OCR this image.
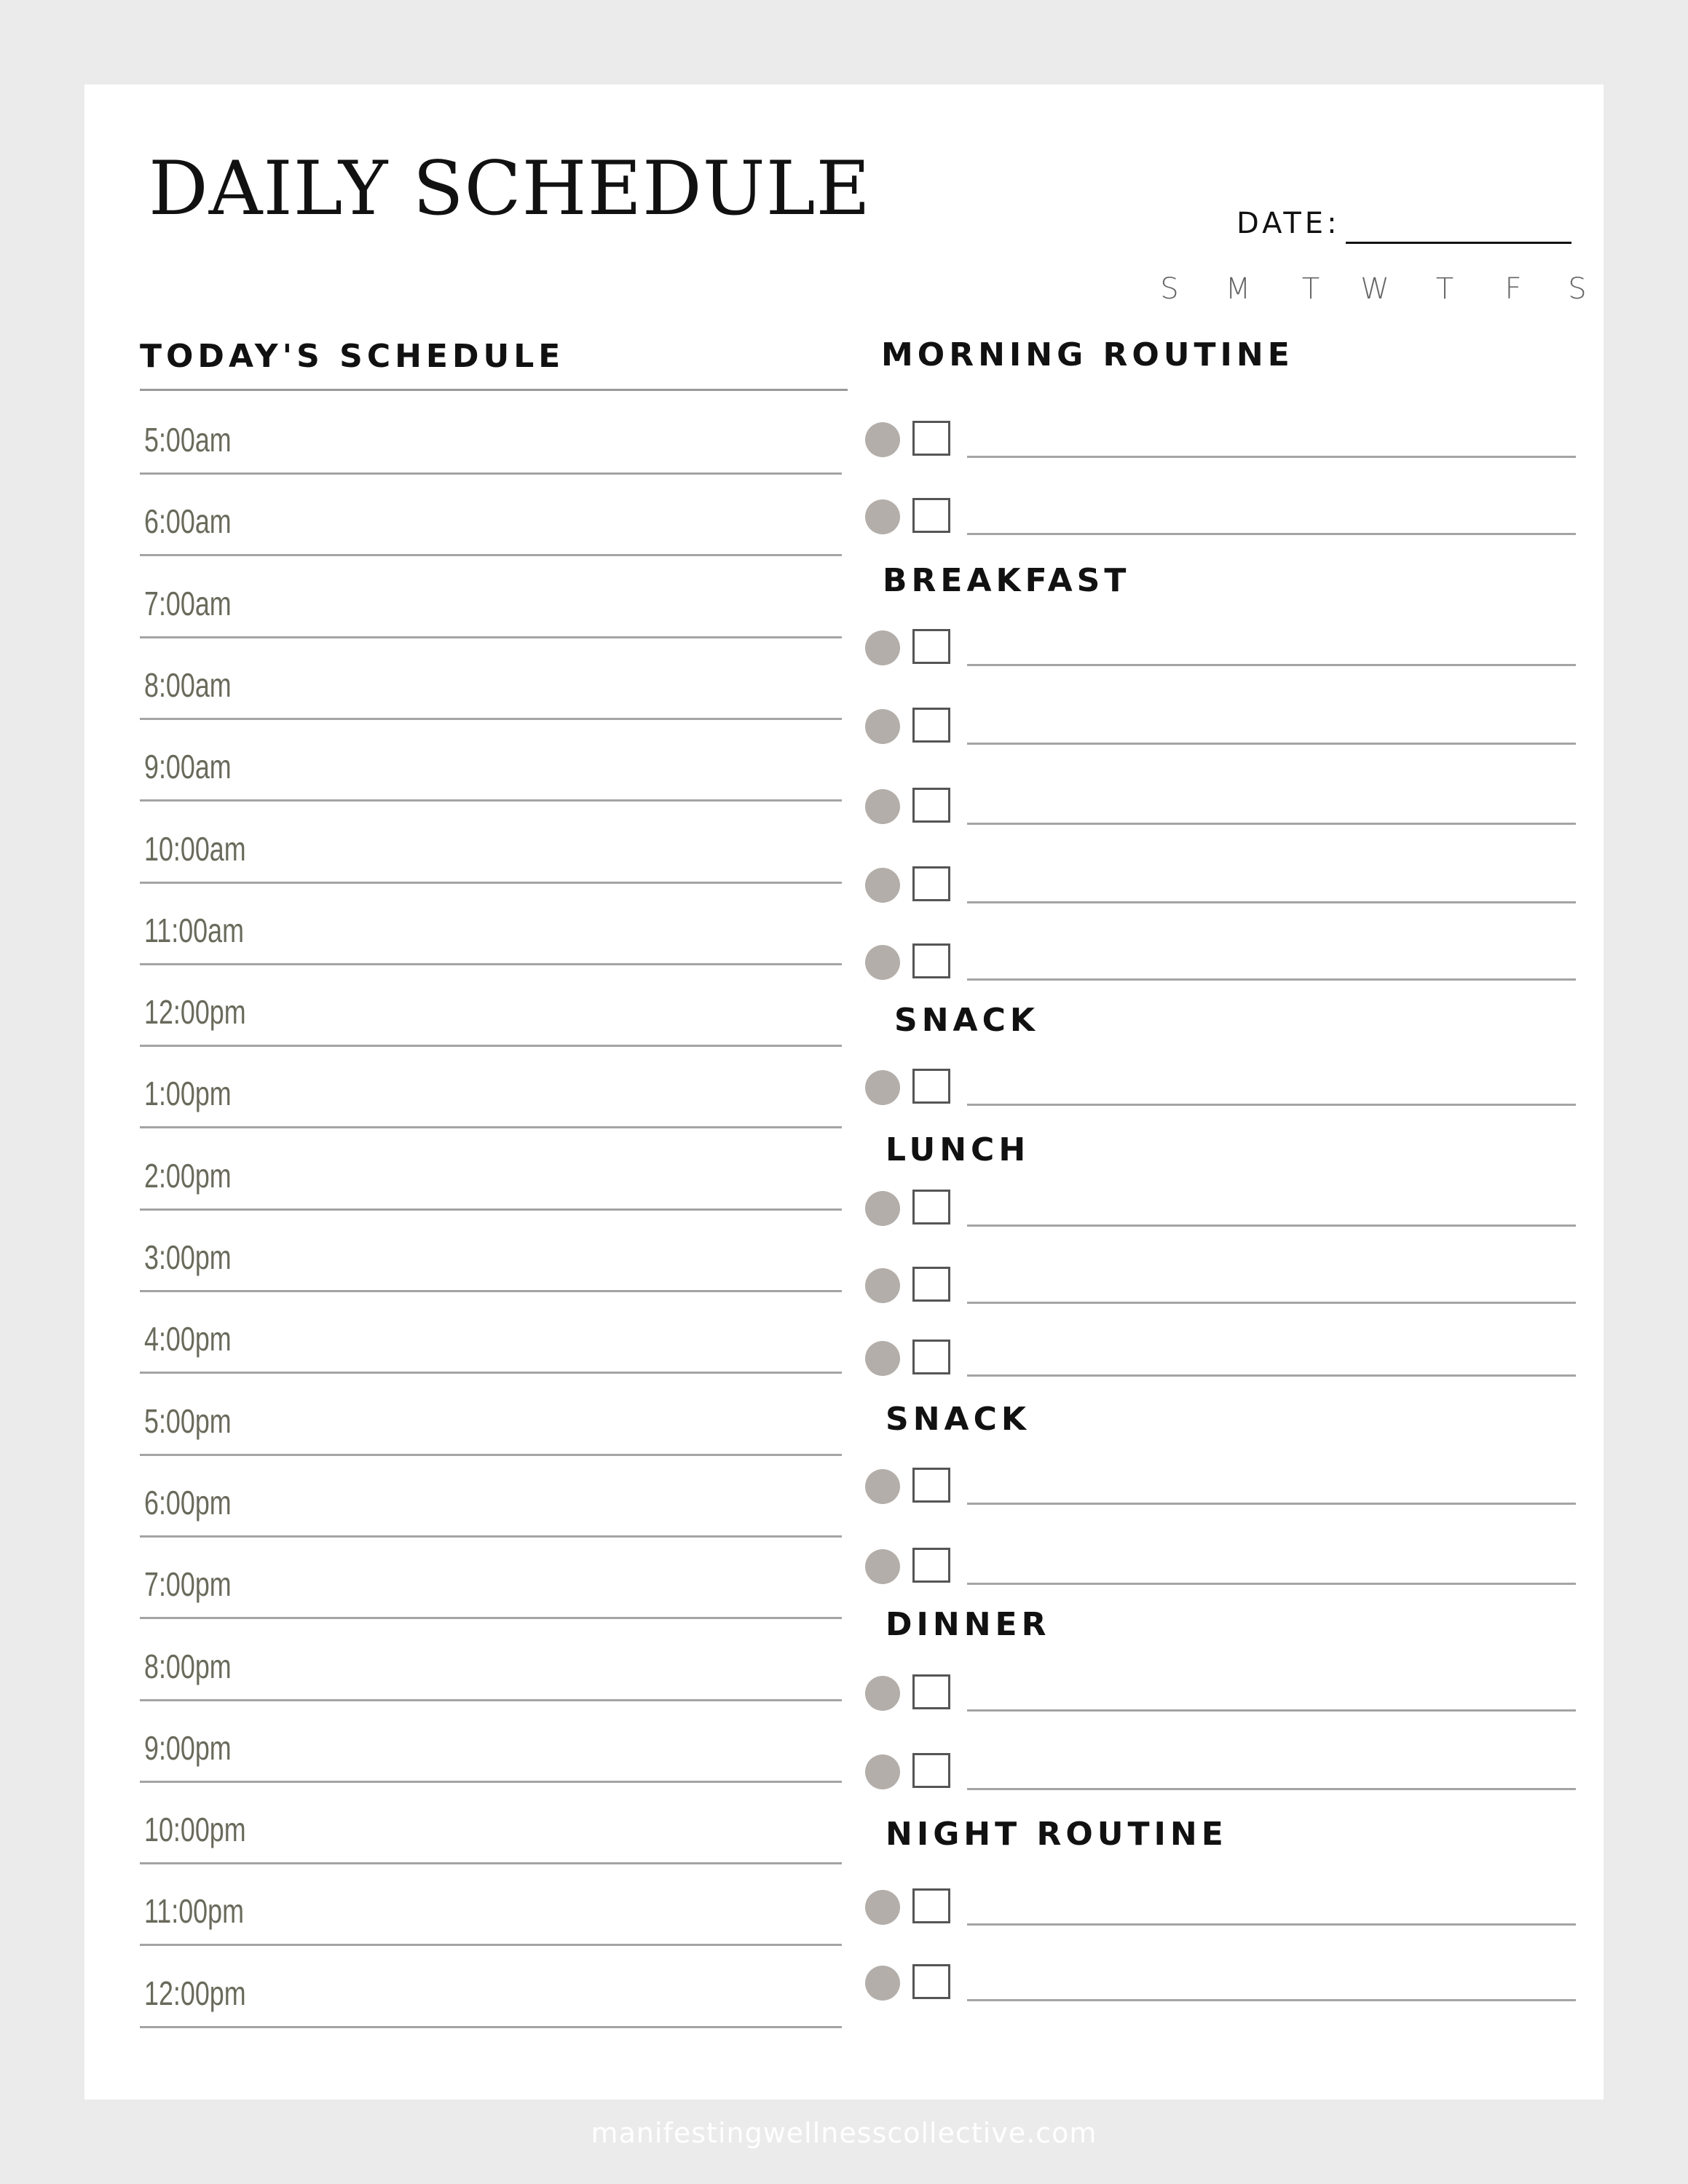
DAILY SCHEDULE	DATE:
S	M	T	W	T	F	S
TODAY'S SCHEDULE
5:00am
6:00am
7:00am
8:00am
9:00am
10:00am
11:00am
12:00pm
1:00pm
2:00pm
3:00pm
4:00pm
5:00pm
6:00pm
7:00pm
8:00pm
9:00pm
10:00pm
11:00pm
12:00pm
MORNING ROUTINE
BREAKFAST
SNACK
LUNCH
SNACK
DINNER
NIGHT ROUTINE
manifestingwellnesscollective.com
